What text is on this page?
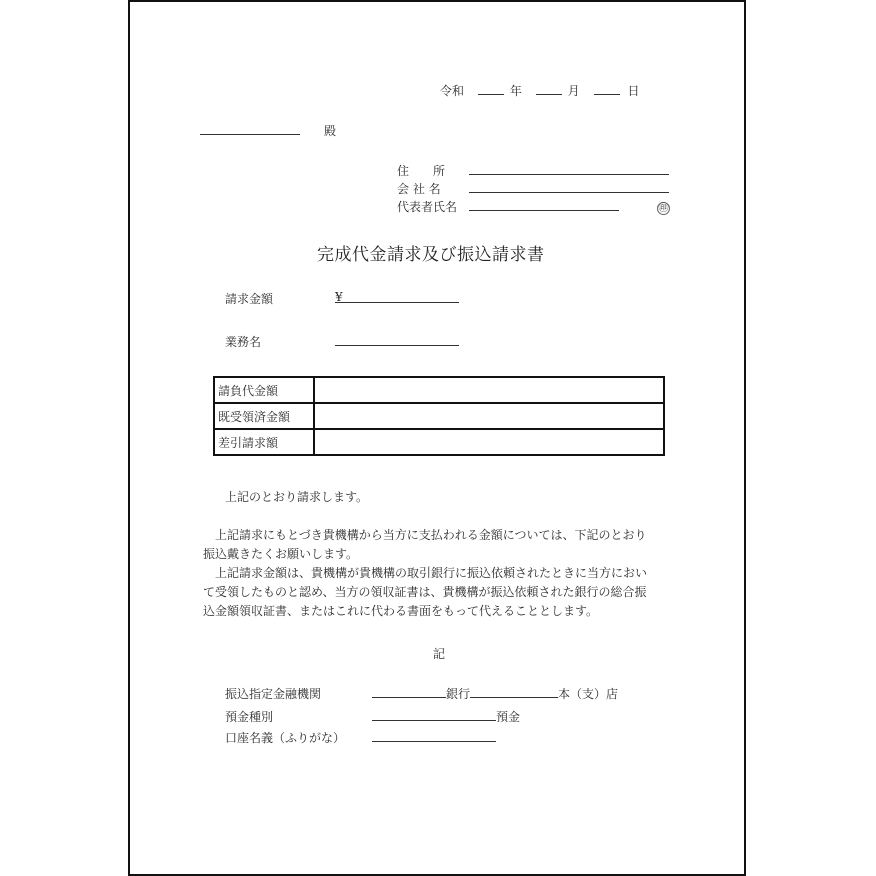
令和	年	月	日
殿
住　　所
会 社 名
代表者氏名	㊞
完成代金請求及び振込請求書
請求金額	¥
業務名
請負代金額	
既受領済金額	
差引請求額	
上記のとおり請求します。
上記請求にもとづき貴機構から当方に支払われる金額については、下記のとおり
振込戴きたくお願いします。
上記請求金額は、貴機構が貴機構の取引銀行に振込依頼されたときに当方におい
て受領したものと認め、当方の領収証書は、貴機構が振込依頼された銀行の総合振
込金額領収証書、またはこれに代わる書面をもって代えることとします。
記
振込指定金融機関	銀行	本（支）店
預金種別	預金
口座名義（ふりがな）
